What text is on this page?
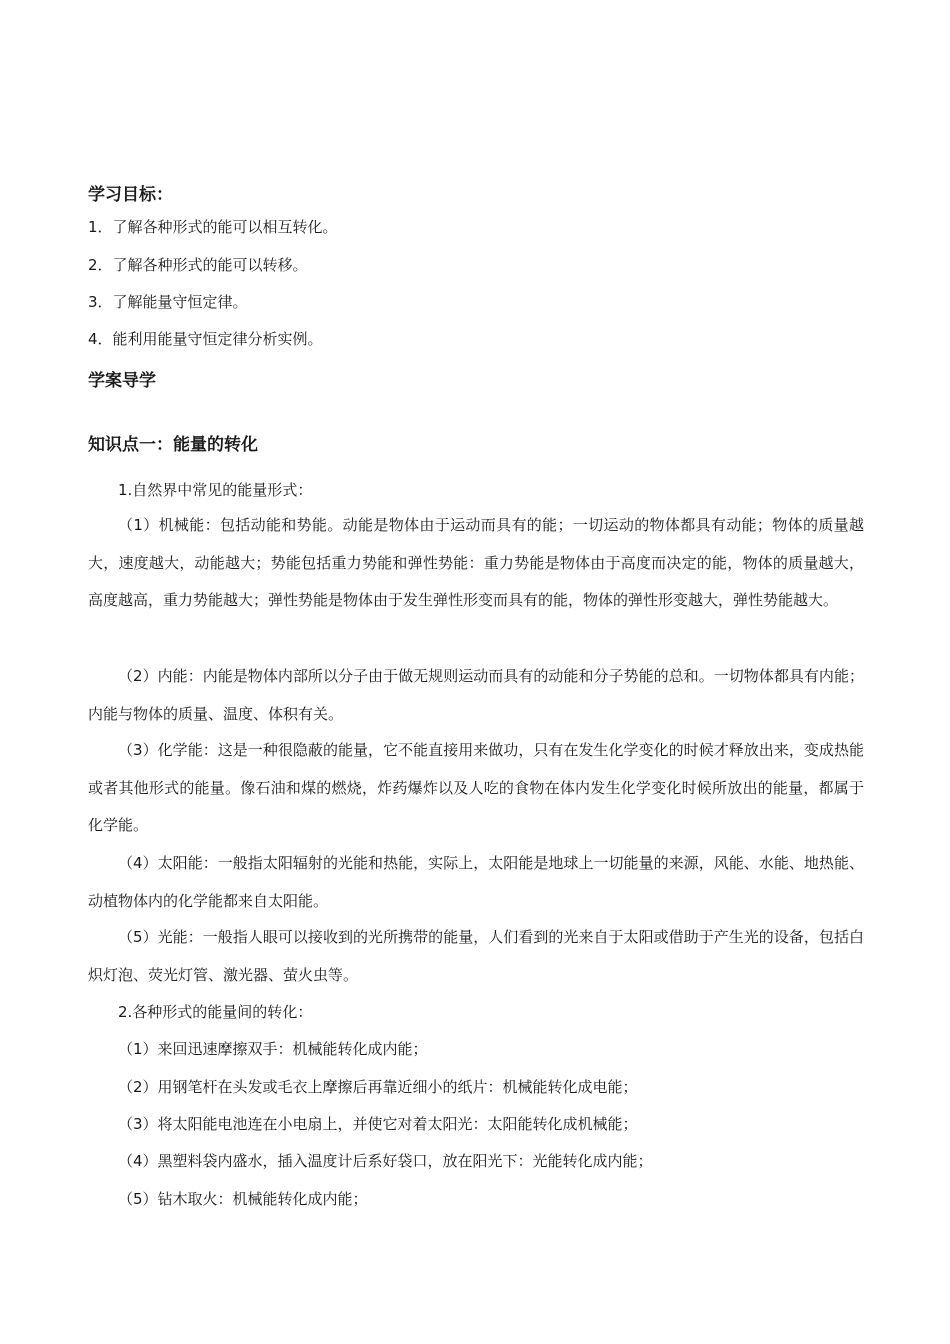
学习目标：
1．了解各种形式的能可以相互转化。
2．了解各种形式的能可以转移。
3．了解能量守恒定律。
4．能利用能量守恒定律分析实例。
学案导学
知识点一：能量的转化
1.自然界中常见的能量形式：
（1）机械能：包括动能和势能。动能是物体由于运动而具有的能；一切运动的物体都具有动能；物体的质量越大，速度越大，动能越大；势能包括重力势能和弹性势能：重力势能是物体由于高度而决定的能，物体的质量越大，高度越高，重力势能越大；弹性势能是物体由于发生弹性形变而具有的能，物体的弹性形变越大，弹性势能越大。
（2）内能：内能是物体内部所以分子由于做无规则运动而具有的动能和分子势能的总和。一切物体都具有内能；内能与物体的质量、温度、体积有关。
（3）化学能：这是一种很隐蔽的能量，它不能直接用来做功，只有在发生化学变化的时候才释放出来，变成热能或者其他形式的能量。像石油和煤的燃烧，炸药爆炸以及人吃的食物在体内发生化学变化时候所放出的能量，都属于化学能。
（4）太阳能：一般指太阳辐射的光能和热能，实际上，太阳能是地球上一切能量的来源，风能、水能、地热能、动植物体内的化学能都来自太阳能。
（5）光能：一般指人眼可以接收到的光所携带的能量，人们看到的光来自于太阳或借助于产生光的设备，包括白炽灯泡、荧光灯管、激光器、萤火虫等。
2.各种形式的能量间的转化：
（1）来回迅速摩擦双手：机械能转化成内能；
（2）用钢笔杆在头发或毛衣上摩擦后再靠近细小的纸片：机械能转化成电能；
（3）将太阳能电池连在小电扇上，并使它对着太阳光：太阳能转化成机械能；
（4）黑塑料袋内盛水，插入温度计后系好袋口，放在阳光下：光能转化成内能；
（5）钻木取火：机械能转化成内能；
